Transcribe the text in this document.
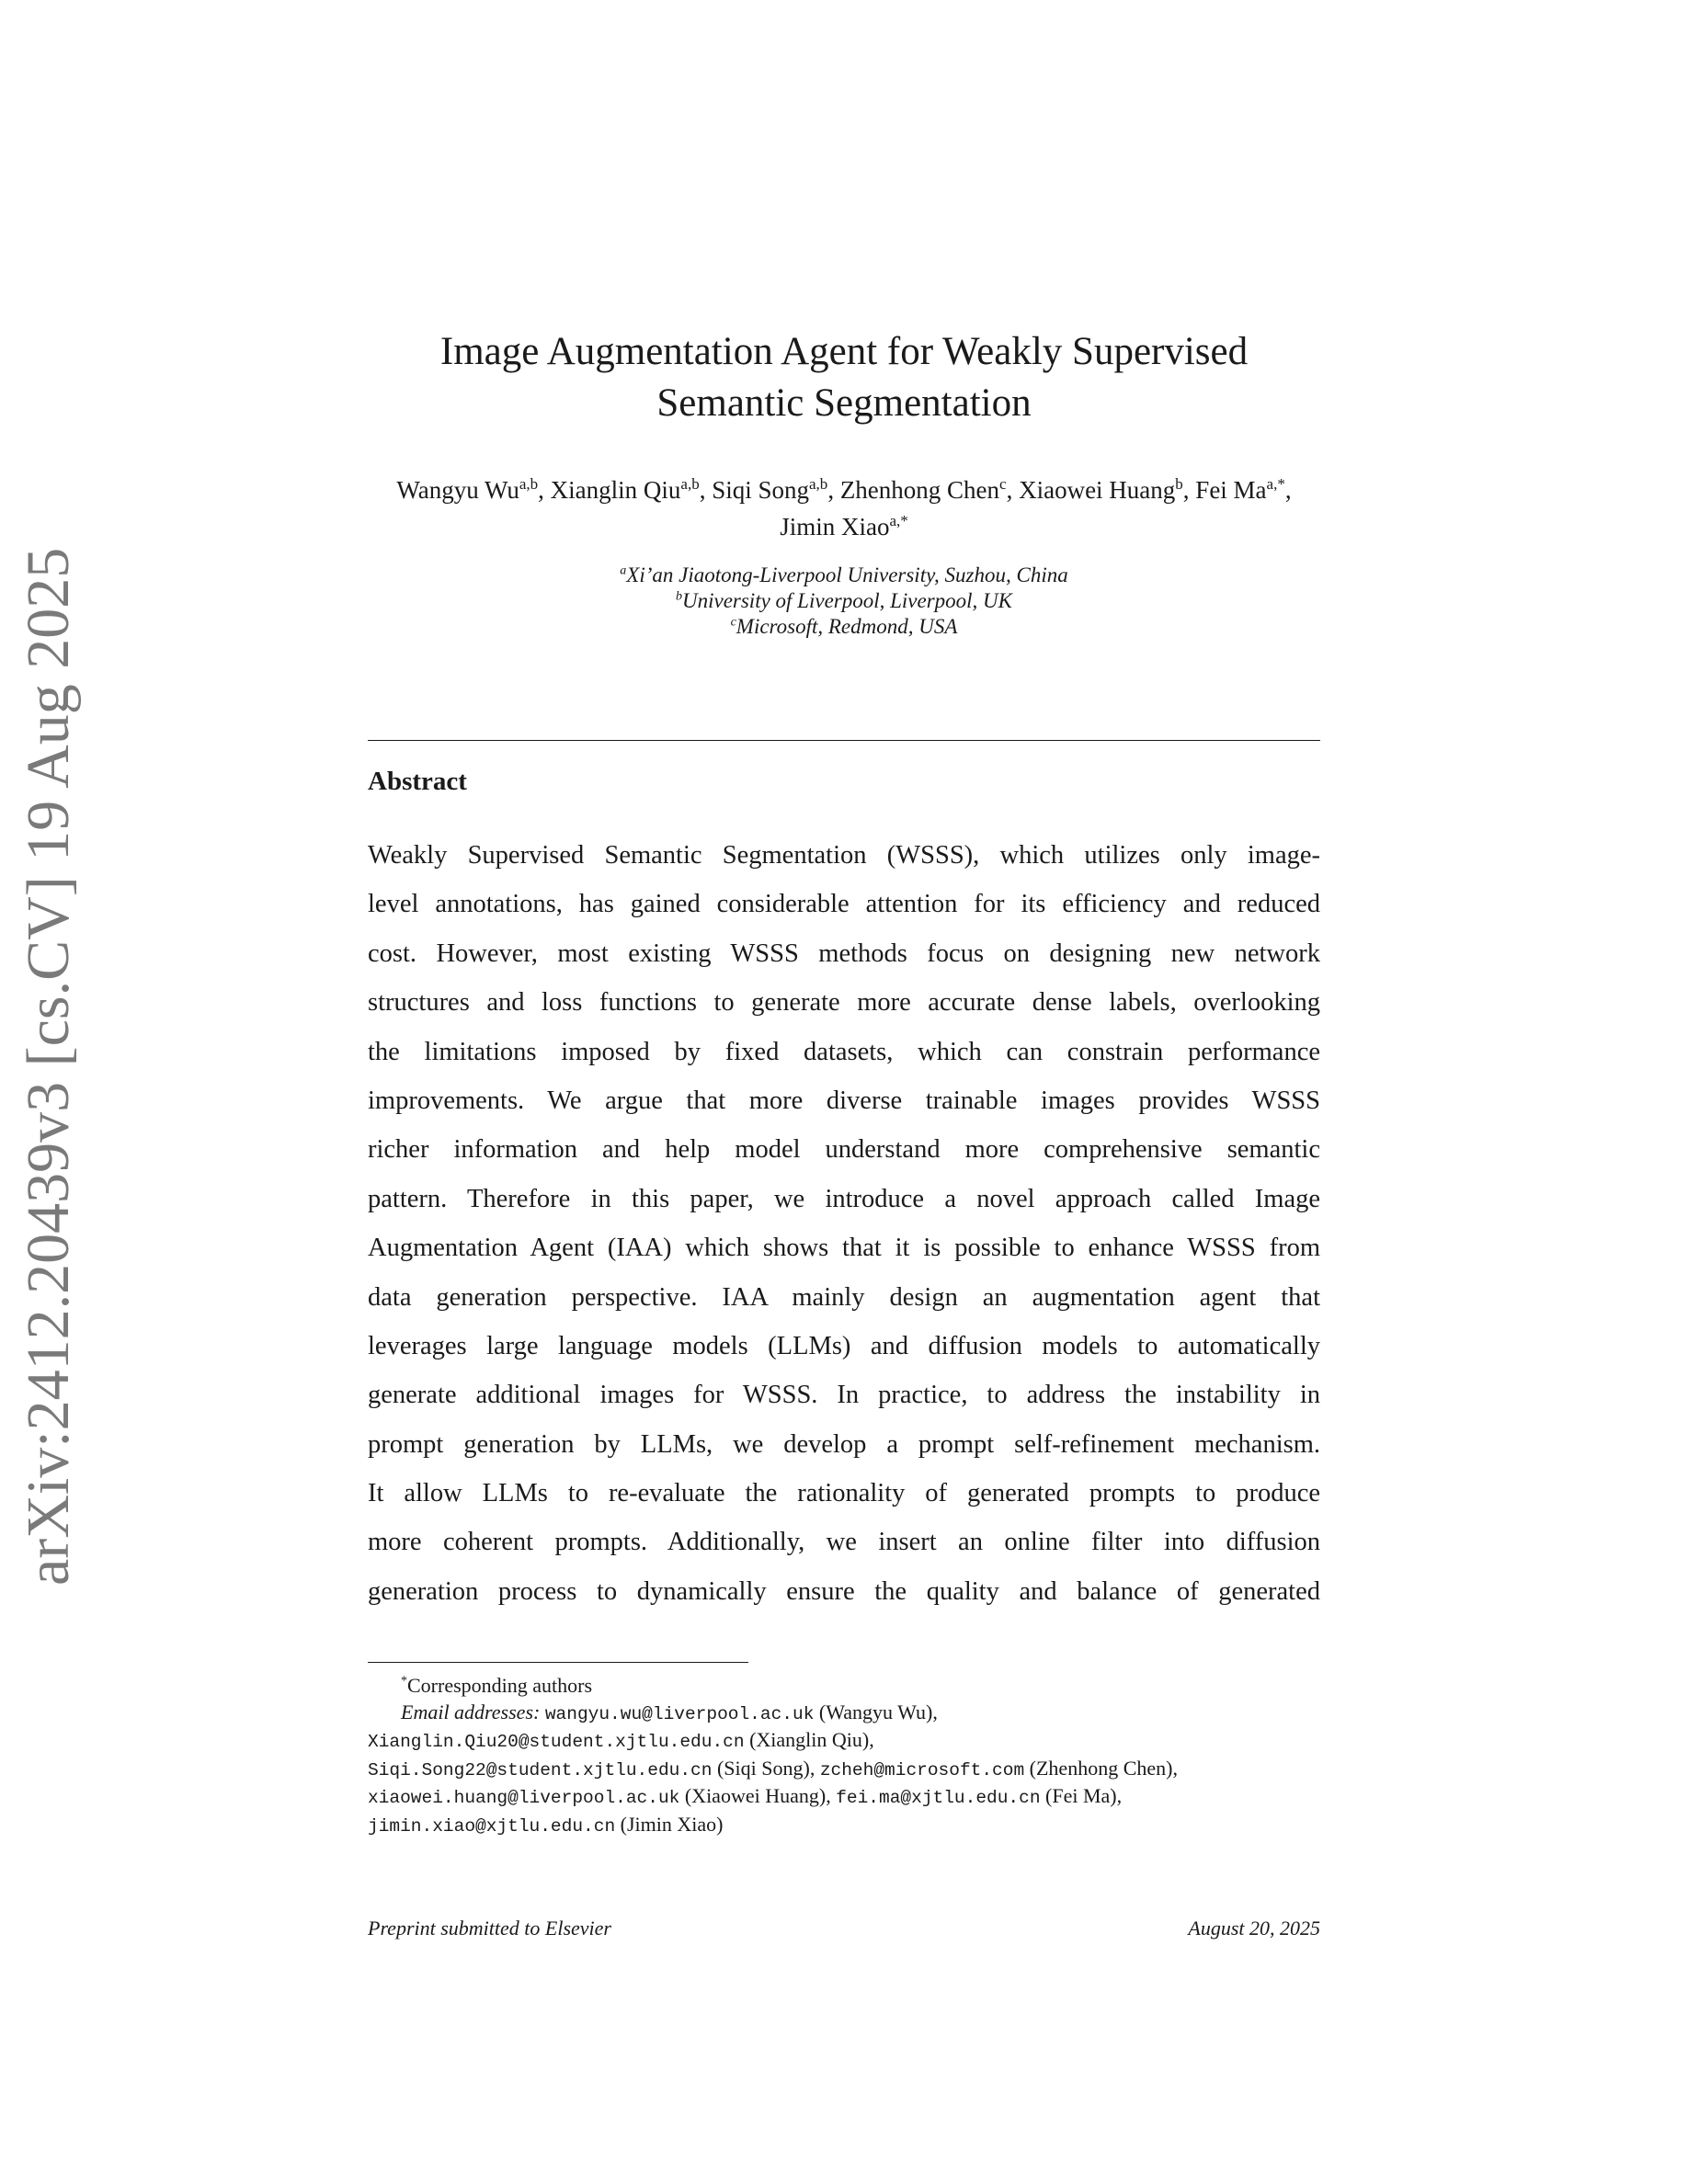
arXiv:2412.20439v3 [cs.CV] 19 Aug 2025
Image Augmentation Agent for Weakly Supervised
Semantic Segmentation
Wangyu Wu$^{a,b}$, Xianglin Qiu$^{a,b}$, Siqi Song$^{a,b}$, Zhenhong Chen$^c$, Xiaowei Huang$^b$, Fei $Ma^{a,*}$, Jimin Xiao$^{a,*}$
$^a$Xi’an Jiaotong-Liverpool University, Suzhou, China
$^b$University of Liverpool, Liverpool, UK
$^c$Microsoft, Redmond, USA
Abstract
Weakly Supervised Semantic Segmentation (WSSS), which utilizes only image-
level annotations, has gained considerable attention for its efficiency and reduced
cost. However, most existing WSSS methods focus on designing new network
structures and loss functions to generate more accurate dense labels, overlooking
the limitations imposed by fixed datasets, which can constrain performance
improvements. We argue that more diverse trainable images provides WSSS
richer information and help model understand more comprehensive semantic
pattern. Therefore in this paper, we introduce a novel approach called Image
Augmentation Agent (IAA) which shows that it is possible to enhance WSSS from
data generation perspective. IAA mainly design an augmentation agent that
leverages large language models (LLMs) and diffusion models to automatically
generate additional images for WSSS. In practice, to address the instability in
prompt generation by LLMs, we develop a prompt self-refinement mechanism.
It allow LLMs to re-evaluate the rationality of generated prompts to produce
more coherent prompts. Additionally, we insert an online filter into diffusion
generation process to dynamically ensure the quality and balance of generated
*Corresponding authors
Email addresses: wangyu.wu@liverpool.ac.uk (Wangyu Wu),
Xianglin.Qiu20@student.xjtlu.edu.cn (Xianglin Qiu),
Siqi.Song22@student.xjtlu.edu.cn (Siqi Song), zcheh@microsoft.com (Zhenhong Chen),
xiaowei.huang@liverpool.ac.uk (Xiaowei Huang), fei.ma@xjtlu.edu.cn (Fei Ma),
jimin.xiao@xjtlu.edu.cn (Jimin Xiao)
Preprint submitted to Elsevier	August 20, 2025
